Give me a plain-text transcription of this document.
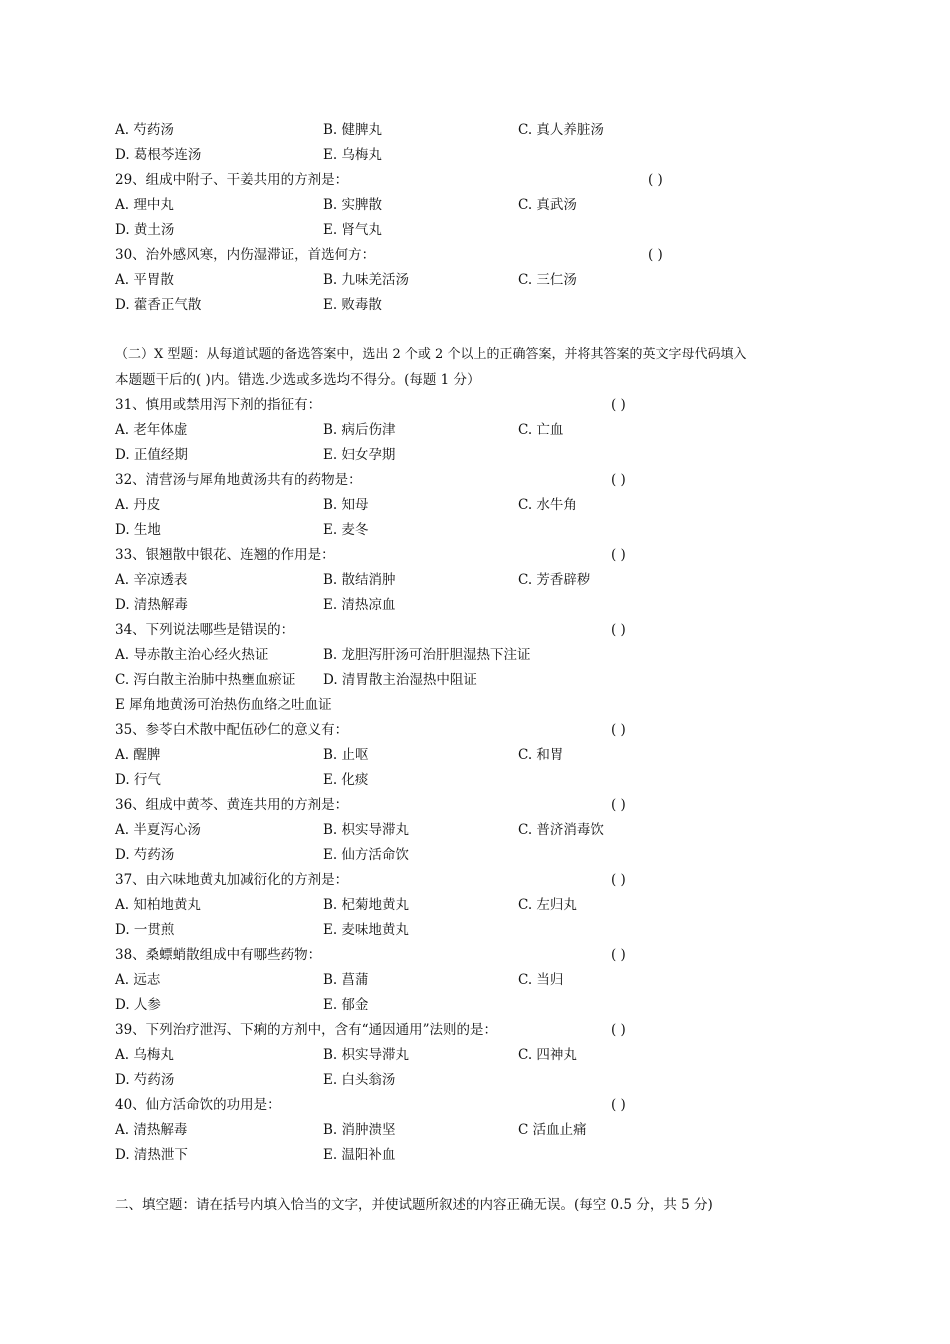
A. 芍药汤	B. 健脾丸	C. 真人养脏汤
D. 葛根芩连汤	E. 乌梅丸
29、组成中附子、干姜共用的方剂是：	( )
A. 理中丸	B. 实脾散	C. 真武汤
D. 黄土汤	E. 肾气丸
30、治外感风寒，内伤湿滞证，首选何方：	( )
A. 平胃散	B. 九味羌活汤	C. 三仁汤
D. 藿香正气散	E. 败毒散
（二）X 型题：从每道试题的备选答案中，选出 2 个或 2 个以上的正确答案，并将其答案的英文字母代码填入
本题题干后的( )内。错选.少选或多选均不得分。(每题 1 分）
31、慎用或禁用泻下剂的指征有：	( )
A. 老年体虚	B. 病后伤津	C. 亡血
D. 正值经期	E. 妇女孕期
32、清营汤与犀角地黄汤共有的药物是：	( )
A. 丹皮	B. 知母	C. 水牛角
D. 生地	E. 麦冬
33、银翘散中银花、连翘的作用是：	( )
A. 辛凉透表	B. 散结消肿	C. 芳香辟秽
D. 清热解毒	E. 清热凉血
34、下列说法哪些是错误的：	( )
A. 导赤散主治心经火热证	B. 龙胆泻肝汤可治肝胆湿热下注证
C. 泻白散主治肺中热壅血瘀证 D. 清胃散主治湿热中阻证
E 犀角地黄汤可治热伤血络之吐血证
35、参苓白术散中配伍砂仁的意义有：	( )
A. 醒脾	B. 止呕	C. 和胃
D. 行气	E. 化痰
36、组成中黄芩、黄连共用的方剂是：	( )
A. 半夏泻心汤	B. 枳实导滞丸	C. 普济消毒饮
D. 芍药汤	E. 仙方活命饮
37、由六味地黄丸加减衍化的方剂是：	( )
A. 知柏地黄丸	B. 杞菊地黄丸	C. 左归丸
D. 一贯煎	E. 麦味地黄丸
38、桑螵蛸散组成中有哪些药物：	( )
A. 远志	B. 菖蒲	C. 当归
D. 人参	E. 郁金
39、下列治疗泄泻、下痢的方剂中，含有“通因通用”法则的是：	( )
A. 乌梅丸	B. 枳实导滞丸	C. 四神丸
D. 芍药汤	E. 白头翁汤
40、仙方活命饮的功用是：	( )
A. 清热解毒	B. 消肿溃坚	C 活血止痛
D. 清热泄下	E. 温阳补血
二、填空题：请在括号内填入恰当的文字，并使试题所叙述的内容正确无误。(每空 0.5 分，共 5 分)
